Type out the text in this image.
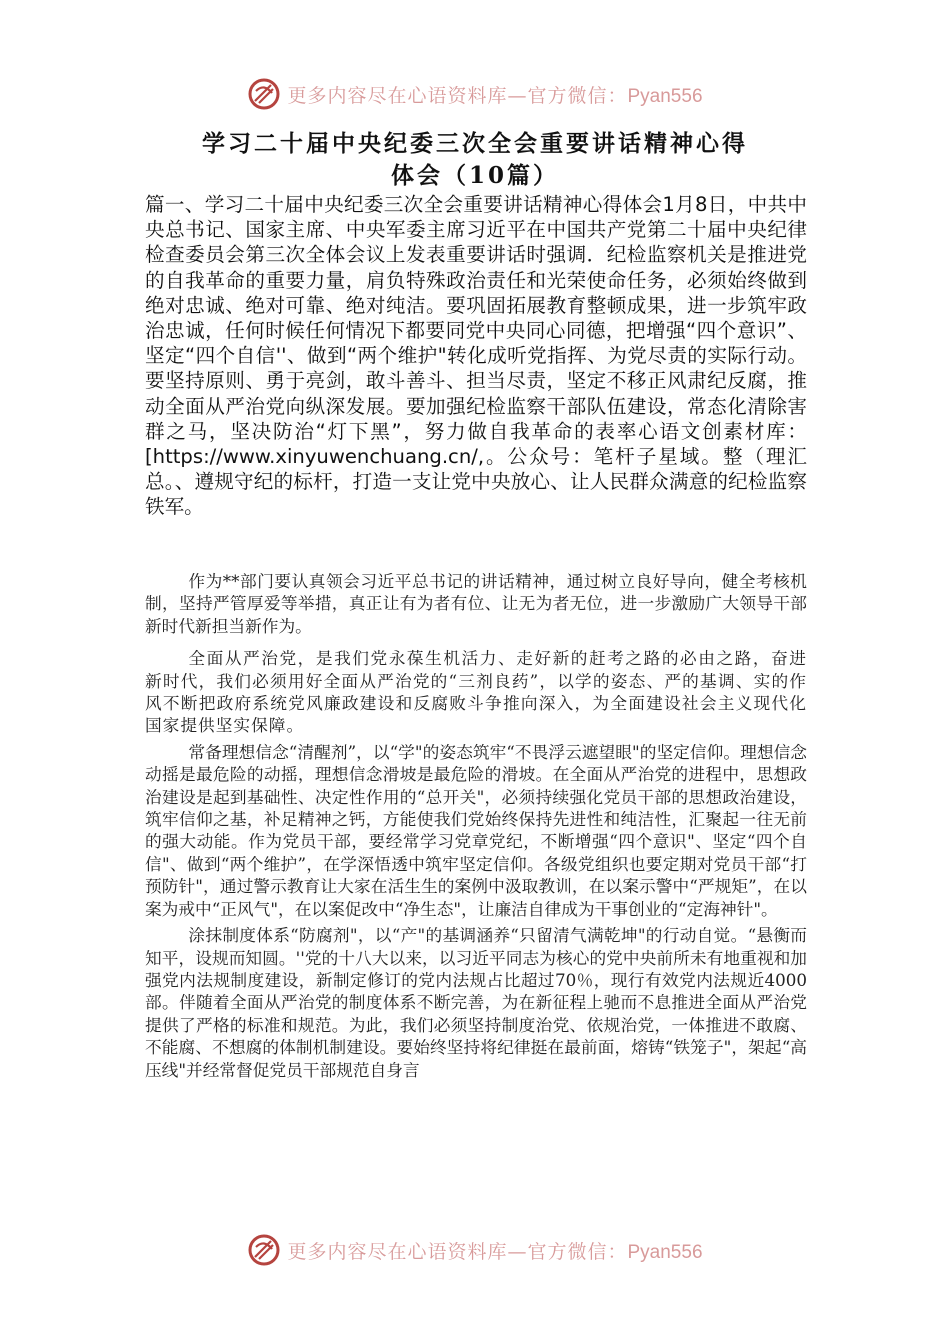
更多内容尽在心语资料库—官方微信：Pyan556
学习二十届中央纪委三次全会重要讲话精神心得
体会（10篇）

篇一、学习二十届中央纪委三次全会重要讲话精神心得体会1月8日，中共中央总书记、国家主席、中央军委主席习近平在中国共产党第二十届中央纪律检查委员会第三次全体会议上发表重要讲话时强调．纪检监察机关是推进党的自我革命的重要力量，肩负特殊政治责任和光荣使命任务，必须始终做到绝对忠诚、绝对可靠、绝对纯洁。要巩固拓展教育整顿成果，进一步筑牢政治忠诚，任何时候任何情况下都要同党中央同心同德，把增强“四个意识”、坚定“四个自信''、做到“两个维护"转化成听党指挥、为党尽责的实际行动。要坚持原则、勇于亮剑，敢斗善斗、担当尽责，坚定不移正风肃纪反腐，推动全面从严治党向纵深发展。要加强纪检监察干部队伍建设，常态化清除害群之马，坚决防治“灯下黑”，努力做自我革命的表率心语文创素材库：[https://www.xinyuwenchuang.cn/,。公众号：笔杆子星域。整（理汇总。、遵规守纪的标杆，打造一支让党中央放心、让人民群众满意的纪检监察铁军。

作为**部门要认真领会习近平总书记的讲话精神，通过树立良好导向，健全考核机制，坚持严管厚爱等举措，真正让有为者有位、让无为者无位，进一步激励广大领导干部新时代新担当新作为。

全面从严治党，是我们党永葆生机活力、走好新的赶考之路的必由之路，奋进新时代，我们必须用好全面从严治党的“三剂良药”，以学的姿态、严的基调、实的作风不断把政府系统党风廉政建设和反腐败斗争推向深入，为全面建设社会主义现代化国家提供坚实保障。

常备理想信念“清醒剂”，以“学"的姿态筑牢“不畏浮云遮望眼"的坚定信仰。理想信念动摇是最危险的动摇，理想信念滑坡是最危险的滑坡。在全面从严治党的进程中，思想政治建设是起到基础性、决定性作用的“总开关"，必须持续强化党员干部的思想政治建设，筑牢信仰之基，补足精神之钙，方能使我们党始终保持先进性和纯洁性，汇聚起一往无前的强大动能。作为党员干部，要经常学习党章党纪，不断增强“四个意识"、坚定“四个自信"、做到“两个维护”，在学深悟透中筑牢坚定信仰。各级党组织也要定期对党员干部“打预防针"，通过警示教育让大家在活生生的案例中汲取教训，在以案示警中“严规矩”，在以案为戒中“正风气"，在以案促改中“净生态"，让廉洁自律成为干事创业的“定海神针"。

涂抹制度体系“防腐剂"，以“产"的基调涵养“只留清气满乾坤"的行动自觉。“悬衡而知平，设规而知圆。''党的十八大以来，以习近平同志为核心的党中央前所未有地重视和加强党内法规制度建设，新制定修订的党内法规占比超过70％，现行有效党内法规近4000部。伴随着全面从严治党的制度体系不断完善，为在新征程上驰而不息推进全面从严治党提供了严格的标准和规范。为此，我们必须坚持制度治党、依规治党，一体推进不敢腐、不能腐、不想腐的体制机制建设。要始终坚持将纪律挺在最前面，熔铸“铁笼子"，架起“高压线"并经常督促党员干部规范自身言

更多内容尽在心语资料库—官方微信：Pyan556
